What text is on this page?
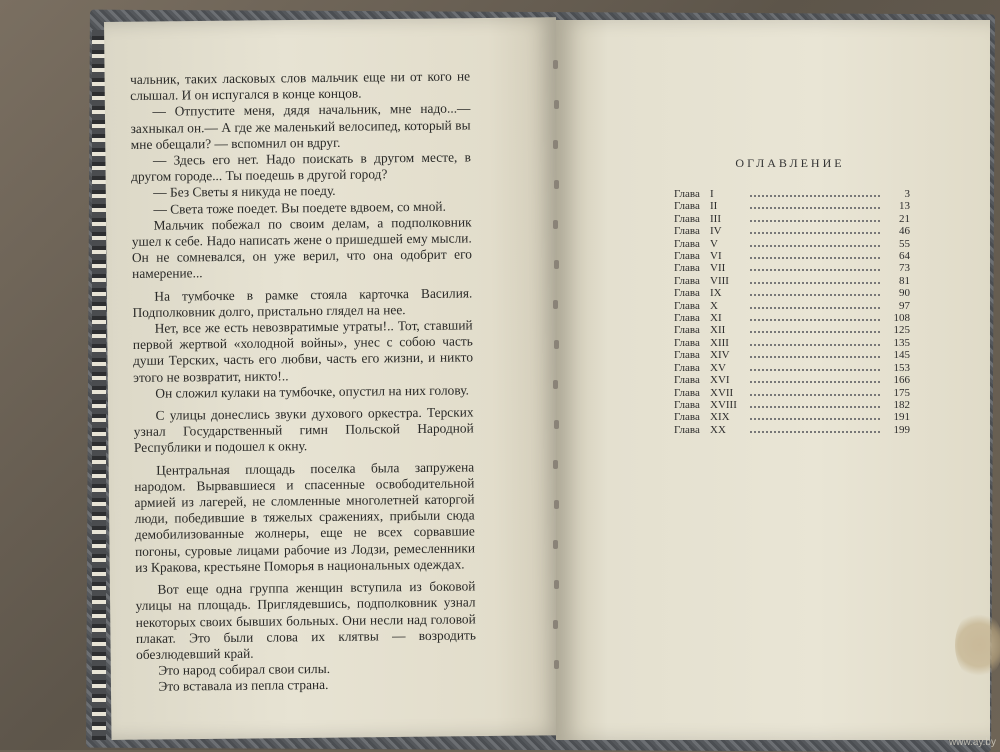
чальник, таких ласковых слов мальчик еще ни от кого не слышал. И он испугался в конце концов.

— Отпустите меня, дядя начальник, мне надо...— захныкал он.— А где же маленький велосипед, который вы мне обещали? — вспомнил он вдруг.

— Здесь его нет. Надо поискать в другом месте, в другом городе... Ты поедешь в другой город?

— Без Светы я никуда не поеду.

— Света тоже поедет. Вы поедете вдвоем, со мной.

Мальчик побежал по своим делам, а подполковник ушел к себе. Надо написать жене о пришедшей ему мысли. Он не сомневался, он уже верил, что она одобрит его намерение...

На тумбочке в рамке стояла карточка Василия. Подполковник долго, пристально глядел на нее.

Нет, все же есть невозвратимые утраты!.. Тот, ставший первой жертвой «холодной войны», унес с собою часть души Терских, часть его любви, часть его жизни, и никто этого не возвратит, никто!..

Он сложил кулаки на тумбочке, опустил на них голову.

С улицы донеслись звуки духового оркестра. Терских узнал Государственный гимн Польской Народной Республики и подошел к окну.

Центральная площадь поселка была запружена народом. Вырвавшиеся и спасенные освободительной армией из лагерей, не сломленные многолетней каторгой люди, победившие в тяжелых сражениях, прибыли сюда демобилизованные жолнеры, еще не всех сорвавшие погоны, суровые лицами рабочие из Лодзи, ремесленники из Кракова, крестьяне Поморья в национальных одеждах.

Вот еще одна группа женщин вступила из боковой улицы на площадь. Приглядевшись, подполковник узнал некоторых своих бывших больных. Они несли над головой плакат. Это были слова их клятвы — возродить обезлюдевший край.

Это народ собирал свои силы.

Это вставала из пепла страна.

ОГЛАВЛЕНИЕ
Глава I	3
Глава II	13
Глава III	21
Глава IV	46
Глава V	55
Глава VI	64
Глава VII	73
Глава VIII	81
Глава IX	90
Глава X	97
Глава XI	108
Глава XII	125
Глава XIII	135
Глава XIV	145
Глава XV	153
Глава XVI	166
Глава XVII	175
Глава XVIII	182
Глава XIX	191
Глава XX	199
www.ay.by
